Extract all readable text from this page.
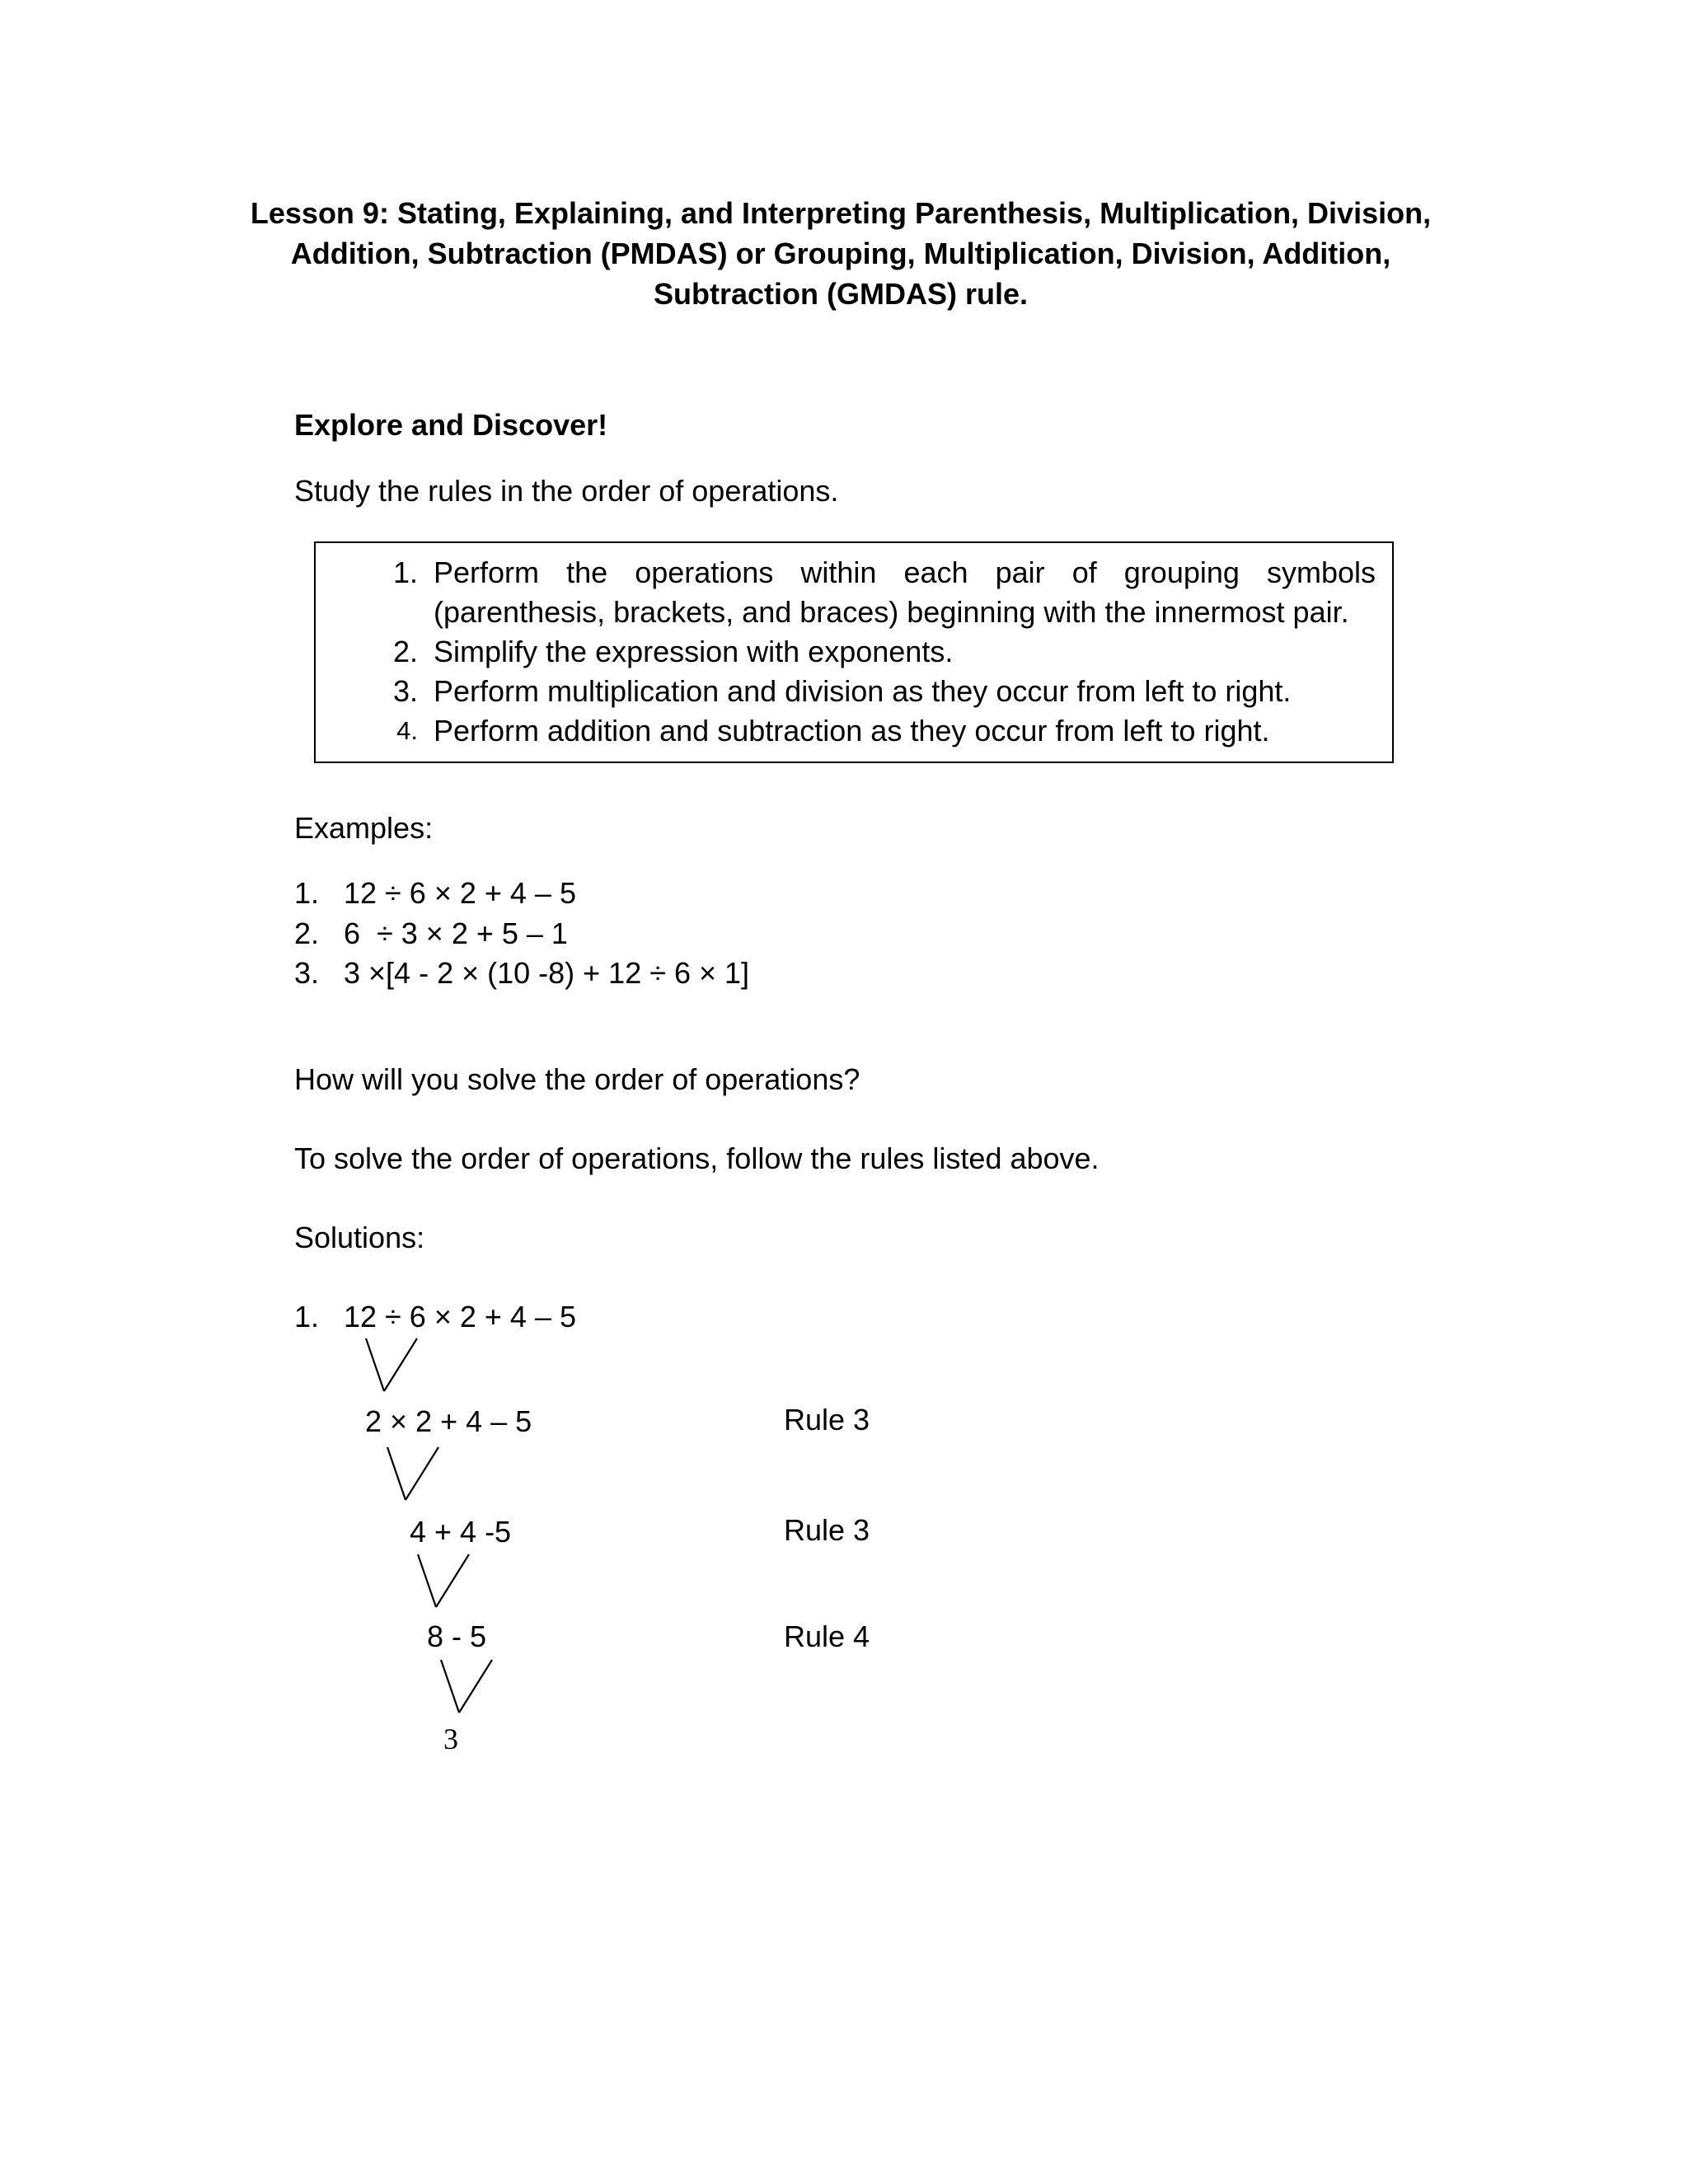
Lesson 9: Stating, Explaining, and Interpreting Parenthesis, Multiplication, Division,
Addition, Subtraction (PMDAS) or Grouping, Multiplication, Division, Addition,
Subtraction (GMDAS) rule.
Explore and Discover!
Study the rules in the order of operations.
1. Perform the operations within each pair of grouping symbols
(parenthesis, brackets, and braces) beginning with the innermost pair.
2. Simplify the expression with exponents.
3. Perform multiplication and division as they occur from left to right.
4. Perform addition and subtraction as they occur from left to right.
Examples:
1. 12 ÷ 6 × 2 + 4 – 5
2. 6  ÷ 3 × 2 + 5 – 1
3. 3 ×[4 - 2 × (10 -8) + 12 ÷ 6 × 1]
How will you solve the order of operations?
To solve the order of operations, follow the rules listed above.
Solutions:
1. 12 ÷ 6 × 2 + 4 – 5
2 × 2 + 4 – 5	Rule 3
4 + 4 -5	Rule 3
8 - 5	Rule 4
3
